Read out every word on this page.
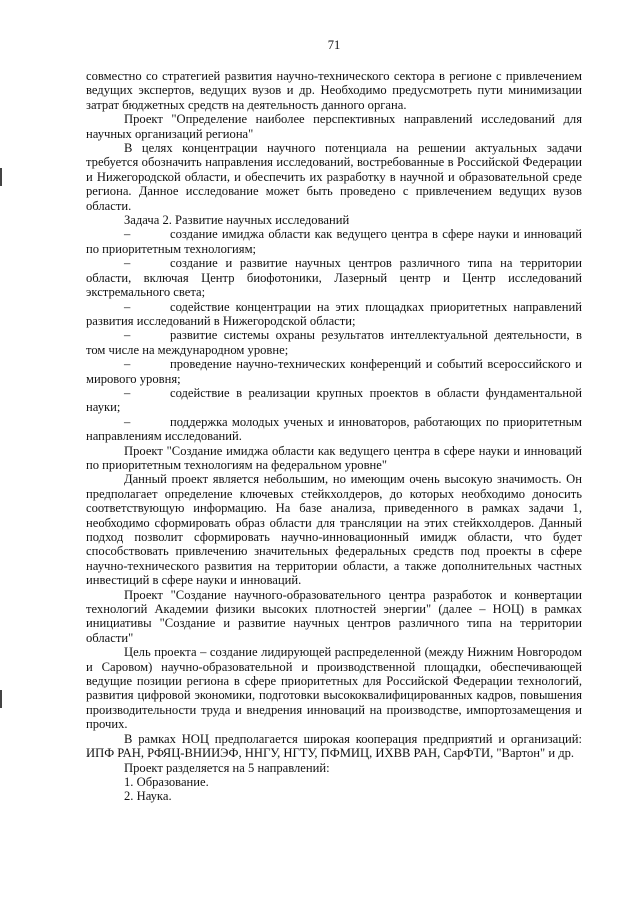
71

совместно со стратегией развития научно-технического сектора в регионе с привлечением ведущих экспертов, ведущих вузов и др. Необходимо предусмотреть пути минимизации затрат бюджетных средств на деятельность данного органа.

Проект "Определение наиболее перспективных направлений исследований для научных организаций региона"

В целях концентрации научного потенциала на решении актуальных задачи требуется обозначить направления исследований, востребованные в Российской Федерации и Нижегородской области, и обеспечить их разработку в научной и образовательной среде региона. Данное исследование может быть проведено с привлечением ведущих вузов области.

Задача 2. Развитие научных исследований

–	создание имиджа области как ведущего центра в сфере науки и инноваций по приоритетным технологиям;

–	создание и развитие научных центров различного типа на территории области, включая Центр биофотоники, Лазерный центр и Центр исследований экстремального света;

–	содействие концентрации на этих площадках приоритетных направлений развития исследований в Нижегородской области;

–	развитие системы охраны результатов интеллектуальной деятельности, в том числе на международном уровне;

–	проведение научно-технических конференций и событий всероссийского и мирового уровня;

–	содействие в реализации крупных проектов в области фундаментальной науки;

–	поддержка молодых ученых и инноваторов, работающих по приоритетным направлениям исследований.

Проект "Создание имиджа области как ведущего центра в сфере науки и инноваций по приоритетным технологиям на федеральном уровне"

Данный проект является небольшим, но имеющим очень высокую значимость. Он предполагает определение ключевых стейкхолдеров, до которых необходимо доносить соответствующую информацию. На базе анализа, приведенного в рамках задачи 1, необходимо сформировать образ области для трансляции на этих стейкхолдеров. Данный подход позволит сформировать научно-инновационный имидж области, что будет способствовать привлечению значительных федеральных средств под проекты в сфере научно-технического развития на территории области, а также дополнительных частных инвестиций в сфере науки и инноваций.

Проект "Создание научного-образовательного центра разработок и конвертации технологий Академии физики высоких плотностей энергии" (далее – НОЦ) в рамках инициативы "Создание и развитие научных центров различного типа на территории области"

Цель проекта – создание лидирующей распределенной (между Нижним Новгородом и Саровом) научно-образовательной и производственной площадки, обеспечивающей ведущие позиции региона в сфере приоритетных для Российской Федерации технологий, развития цифровой экономики, подготовки высококвалифицированных кадров, повышения производительности труда и внедрения инноваций на производстве, импортозамещения и прочих.

В рамках НОЦ предполагается широкая кооперация предприятий и организаций: ИПФ РАН, РФЯЦ-ВНИИЭФ, ННГУ, НГТУ, ПФМИЦ, ИХВВ РАН, СарФТИ, "Вартон" и др.

Проект разделяется на 5 направлений:

1. Образование.

2. Наука.
